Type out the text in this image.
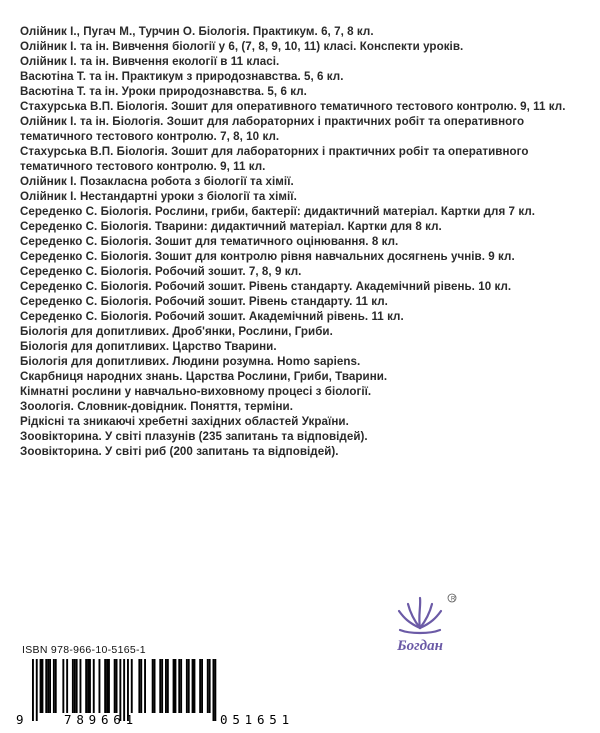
Олійник І., Пугач М., Турчин О. Біологія. Практикум. 6, 7, 8 кл.
Олійник І. та ін. Вивчення біології у 6, (7, 8, 9, 10, 11) класі. Конспекти уроків.
Олійник І. та ін. Вивчення екології в 11 класі.
Васютіна Т. та ін. Практикум з природознавства. 5, 6 кл.
Васютіна Т. та ін. Уроки природознавства. 5, 6 кл.
Стахурська В.П. Біологія. Зошит для оперативного тематичного тестового контролю. 9, 11 кл.
Олійник І. та ін. Біологія. Зошит для лабораторних і практичних робіт та оперативного тематичного тестового контролю. 7, 8, 10 кл.
Стахурська В.П. Біологія. Зошит для лабораторних і практичних робіт та оперативного тематичного тестового контролю. 9, 11 кл.
Олійник І. Позакласна робота з біології та хімії.
Олійник І. Нестандартні уроки з біології та хімії.
Середенко С. Біологія. Рослини, гриби, бактерії: дидактичний матеріал. Картки для 7 кл.
Середенко С. Біологія. Тварини: дидактичний матеріал. Картки для 8 кл.
Середенко С. Біологія. Зошит для тематичного оцінювання. 8 кл.
Середенко С. Біологія. Зошит для контролю рівня навчальних досягнень учнів. 9 кл.
Середенко С. Біологія. Робочий зошит. 7, 8, 9 кл.
Середенко С. Біологія. Робочий зошит. Рівень стандарту. Академічний рівень. 10 кл.
Середенко С. Біологія. Робочий зошит. Рівень стандарту. 11 кл.
Середенко С. Біологія. Робочий зошит. Академічний рівень. 11 кл.
Біологія для допитливих. Дроб'янки, Рослини, Гриби.
Біологія для допитливих. Царство Тварини.
Біологія для допитливих. Людини розумна. Homo sapiens.
Скарбниця народних знань. Царства Рослини, Гриби, Тварини.
Кімнатні рослини у навчально-виховному процесі з біології.
Зоологія. Словник-довідник. Поняття, терміни.
Рідкісні та зникаючі хребетні західних областей України.
Зоовікторина. У світі плазунів (235 запитань та відповідей).
Зоовікторина. У світі риб (200 запитань та відповідей).
R
Богдан
ISBN 978-966-10-5165-1
9	789661	051651
